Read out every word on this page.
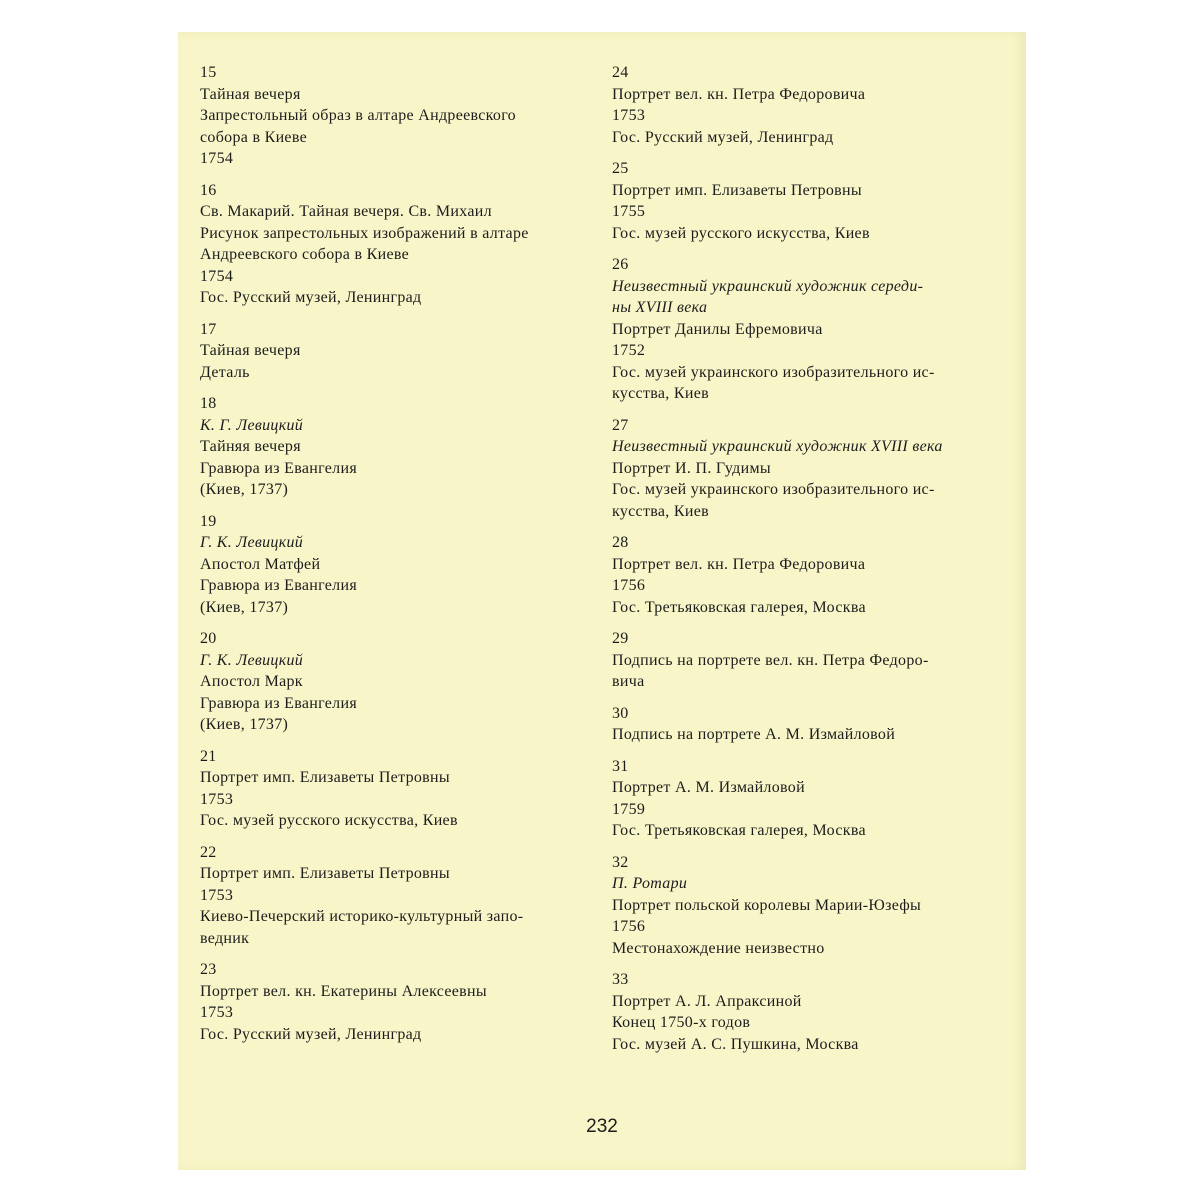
15
Тайная вечеря
Запрестольный образ в алтаре Андреевского
собора в Киеве
1754
16
Св. Макарий. Тайная вечеря. Св. Михаил
Рисунок запрестольных изображений в алтаре
Андреевского собора в Киеве
1754
Гос. Русский музей, Ленинград
17
Тайная вечеря
Деталь
18
К. Г. Левицкий
Тайняя вечеря
Гравюра из Евангелия
(Киев, 1737)
19
Г. К. Левицкий
Апостол Матфей
Гравюра из Евангелия
(Киев, 1737)
20
Г. К. Левицкий
Апостол Марк
Гравюра из Евангелия
(Киев, 1737)
21
Портрет имп. Елизаветы Петровны
1753
Гос. музей русского искусства, Киев
22
Портрет имп. Елизаветы Петровны
1753
Киево-Печерский историко-культурный запо-
ведник
23
Портрет вел. кн. Екатерины Алексеевны
1753
Гос. Русский музей, Ленинград
24
Портрет вел. кн. Петра Федоровича
1753
Гос. Русский музей, Ленинград
25
Портрет имп. Елизаветы Петровны
1755
Гос. музей русского искусства, Киев
26
Неизвестный украинский художник середи-
ны XVIII века
Портрет Данилы Ефремовича
1752
Гос. музей украинского изобразительного ис-
кусства, Киев
27
Неизвестный украинский художник XVIII века
Портрет И. П. Гудимы
Гос. музей украинского изобразительного ис-
кусства, Киев
28
Портрет вел. кн. Петра Федоровича
1756
Гос. Третьяковская галерея, Москва
29
Подпись на портрете вел. кн. Петра Федоро-
вича
30
Подпись на портрете А. М. Измайловой
31
Портрет А. М. Измайловой
1759
Гос. Третьяковская галерея, Москва
32
П. Ротари
Портрет польской королевы Марии-Юзефы
1756
Местонахождение неизвестно
33
Портрет А. Л. Апраксиной
Конец 1750-х годов
Гос. музей А. С. Пушкина, Москва
232
